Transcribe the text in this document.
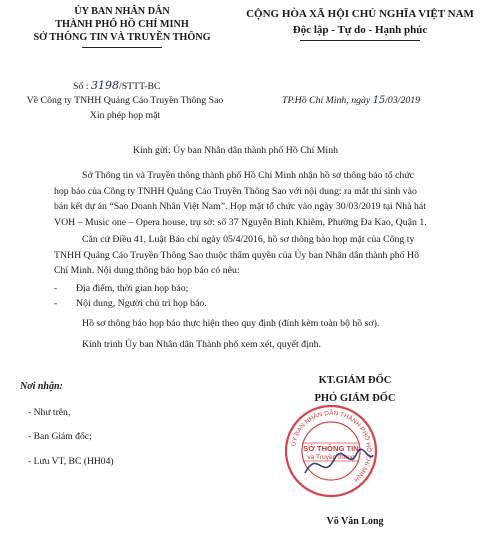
ỦY BAN NHÂN DÂN
THÀNH PHỐ HỒ CHÍ MINH
SỞ THÔNG TIN VÀ TRUYỀN THÔNG
CỘNG HÒA XÃ HỘI CHỦ NGHĨA VIỆT NAM
Độc lập - Tự do - Hạnh phúc
Số : 3198/STTT-BC
Về Công ty TNHH Quảng Cáo Truyền Thông Sao
Xin phép họp mặt
TP.Hồ Chí Minh, ngày 15/03/2019
Kính gửi: Ủy ban Nhân dân thành phố Hồ Chí Minh
Sở Thông tin và Truyền thông thành phố Hồ Chí Minh nhận hồ sơ thông báo tổ chức
họp báo của Công ty TNHH Quảng Cáo Truyền Thông Sao với nội dung: ra mắt thí sinh vào
bán kết dự án “Sao Doanh Nhân Việt Nam”. Họp mặt tổ chức vào ngày 30/03/2019 tại Nhà hát
VOH – Music one – Opera house, trụ sở: số 37 Nguyễn Bỉnh Khiêm, Phường Đa Kao, Quận 1.
Căn cứ Điều 41, Luật Báo chí ngày 05/4/2016, hồ sơ thông báo họp mặt của Công ty
TNHH Quảng Cáo Truyền Thông Sao thuộc thẩm quyền của Ủy ban Nhân dân thành phố Hồ
Chí Minh. Nội dung thông báo họp báo có nêu:
- Địa điểm, thời gian họp báo;
- Nội dung, Người chủ trì họp báo.
Hồ sơ thông báo họp báo thực hiện theo quy định (đính kèm toàn bộ hồ sơ).
Kính trình Ủy ban Nhân dân Thành phố xem xét, quyết định.
Nơi nhận:
- Như trên,
- Ban Giám đốc;
- Lưu VT, BC (HH04)
KT.GIÁM ĐỐC
PHÓ GIÁM ĐỐC
ỦY BAN NHÂN DÂN THÀNH PHỐ HỒ CHÍ MINH
SỞ THÔNG TIN
và Truyền thông
Võ Văn Long
